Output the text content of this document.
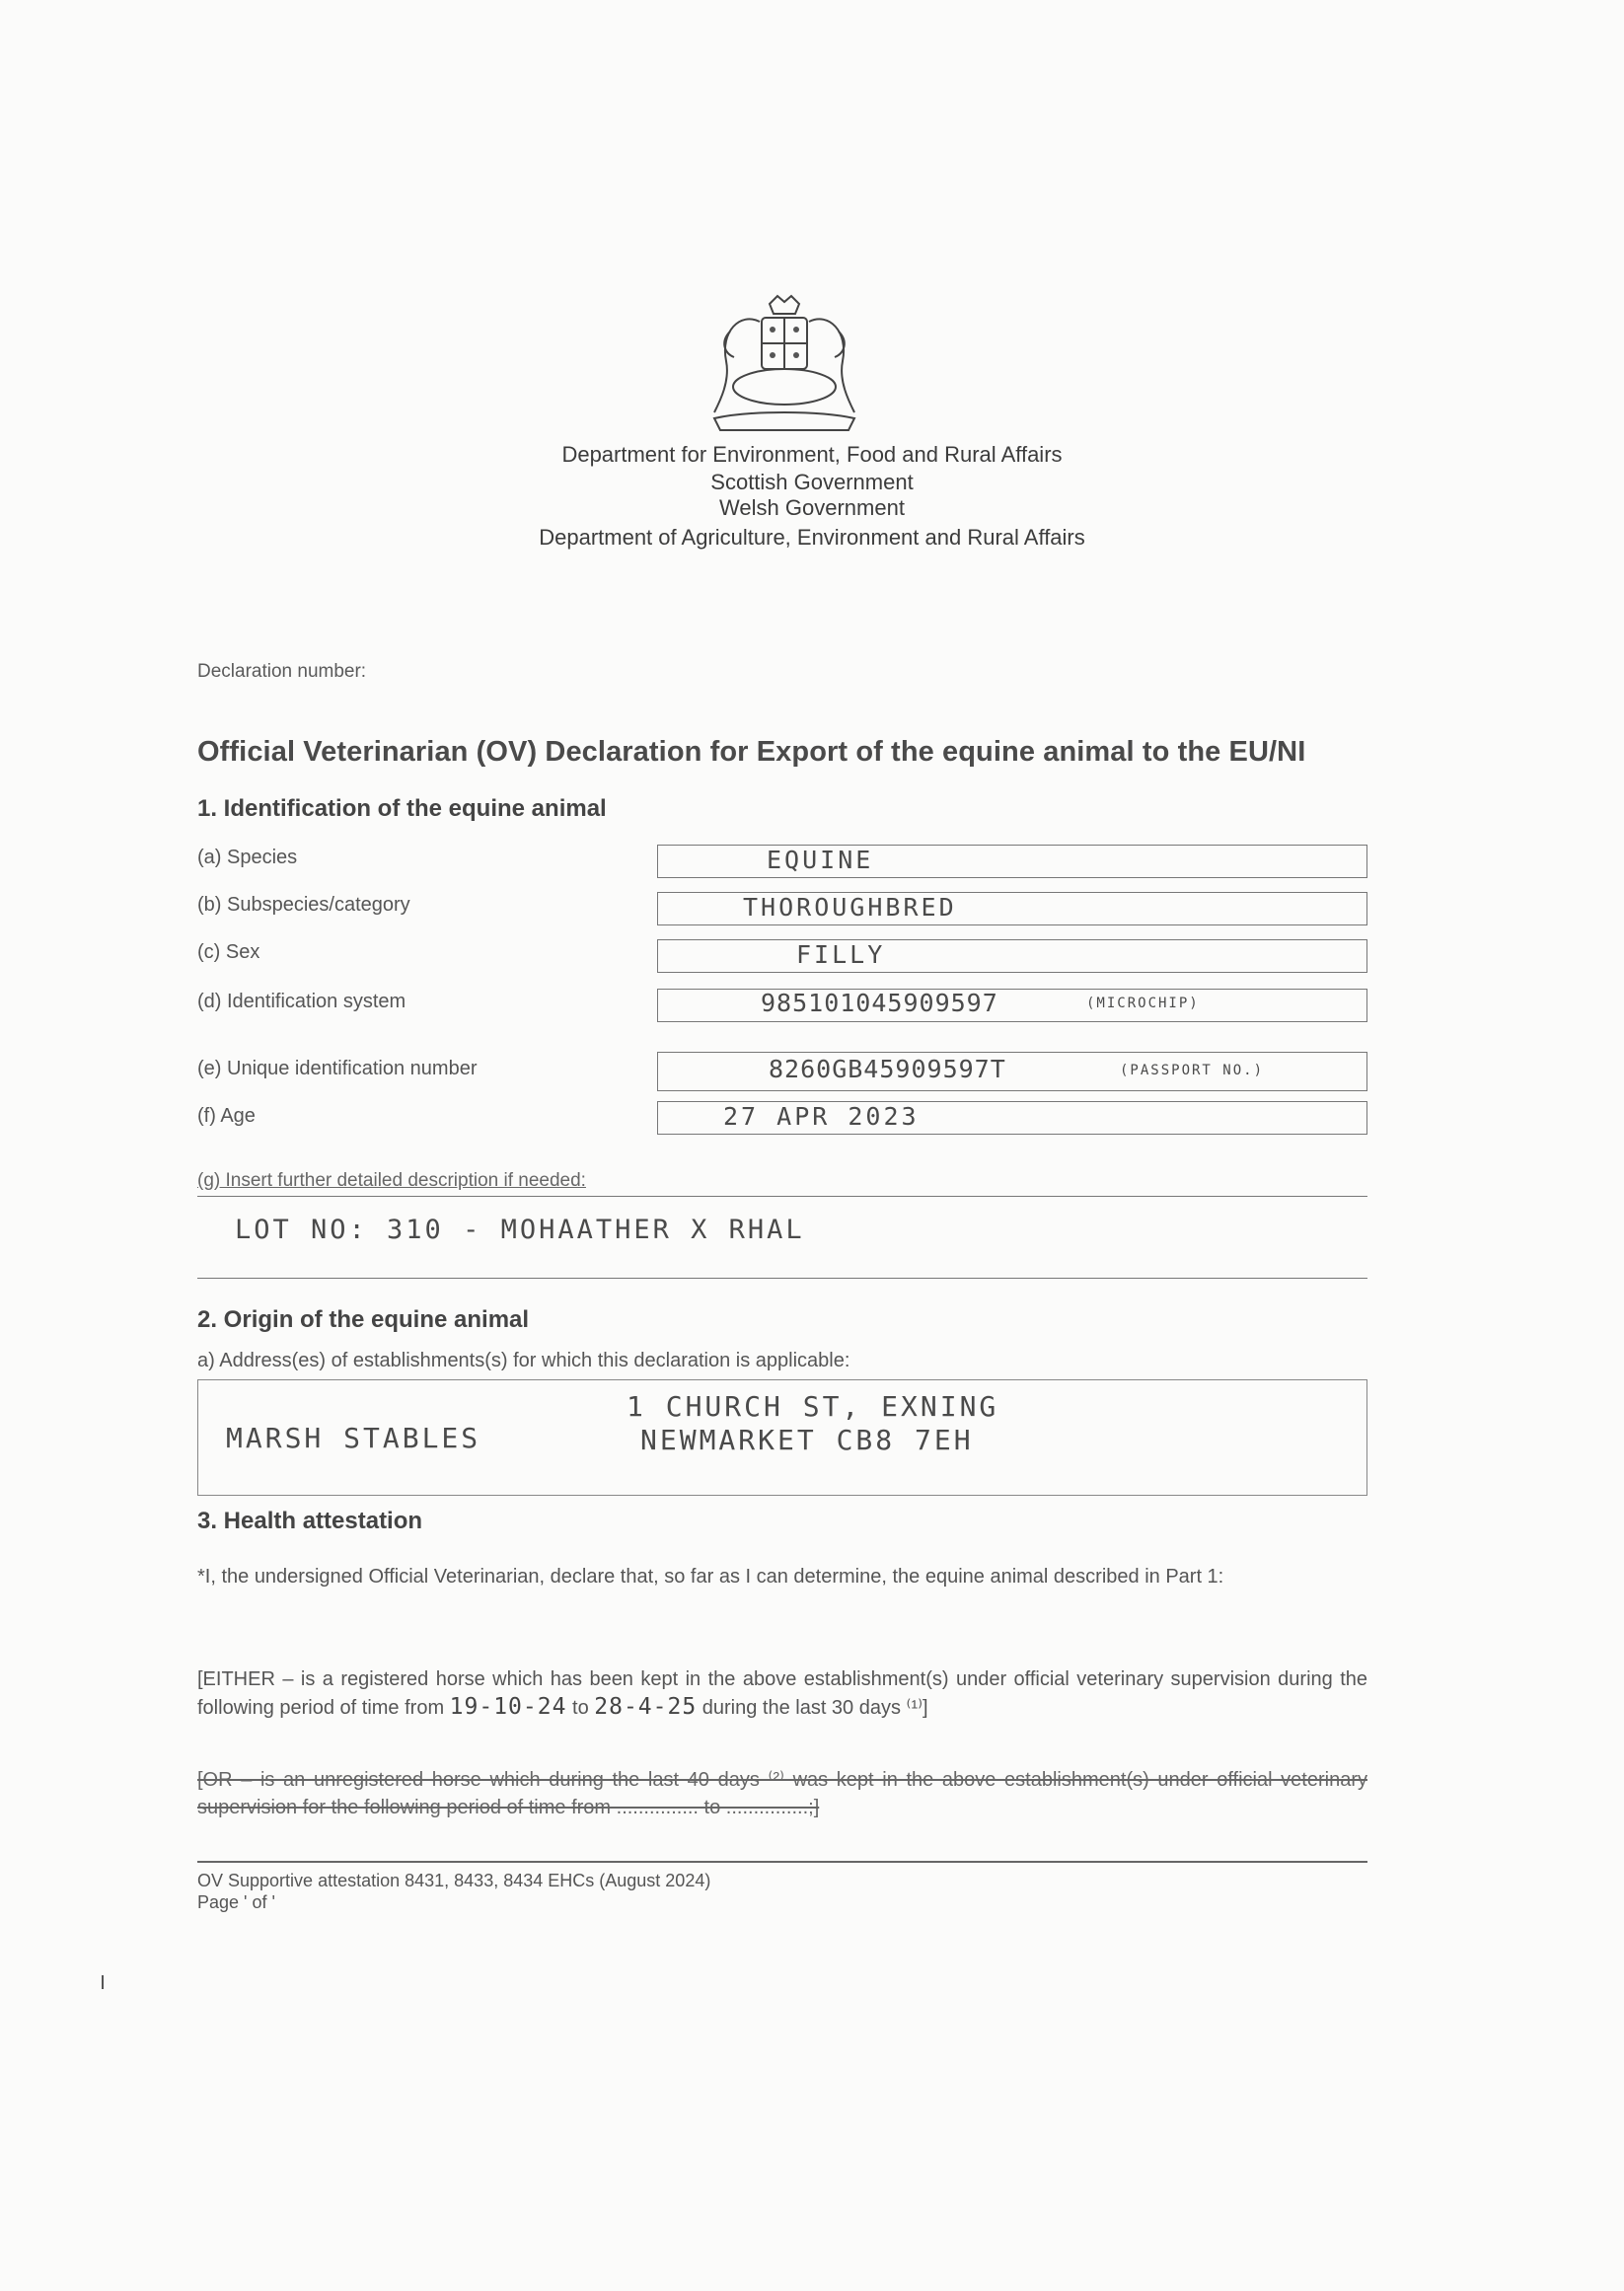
Department for Environment, Food and Rural Affairs
Scottish Government
Welsh Government
Department of Agriculture, Environment and Rural Affairs
Declaration number:
Official Veterinarian (OV) Declaration for Export of the equine animal to the EU/NI
1. Identification of the equine animal
(a) Species	EQUINE
(b) Subspecies/category	THOROUGHBRED
(c) Sex	FILLY
(d) Identification system	985101045909597	(MICROCHIP)
(e) Unique identification number	8260GB45909597T	(PASSPORT NO.)
(f) Age	27 APR 2023
(g) Insert further detailed description if needed:
LOT NO: 310 - MOHAATHER X RHAL
2. Origin of the equine animal
a) Address(es) of establishments(s) for which this declaration is applicable:
MARSH STABLES
1 CHURCH ST, EXNING
NEWMARKET CB8 7EH
3. Health attestation
*I, the undersigned Official Veterinarian, declare that, so far as I can determine, the equine animal described in Part 1:
[EITHER – is a registered horse which has been kept in the above establishment(s) under official veterinary supervision during the following period of time from 19-10-24 to 28-4-25 during the last 30 days ⁽¹⁾]
[OR – is an unregistered horse which during the last 40 days ⁽²⁾ was kept in the above establishment(s) under official veterinary supervision for the following period of time from ............... to ...............;]
OV Supportive attestation 8431, 8433, 8434 EHCs (August 2024)
Page ' of '
